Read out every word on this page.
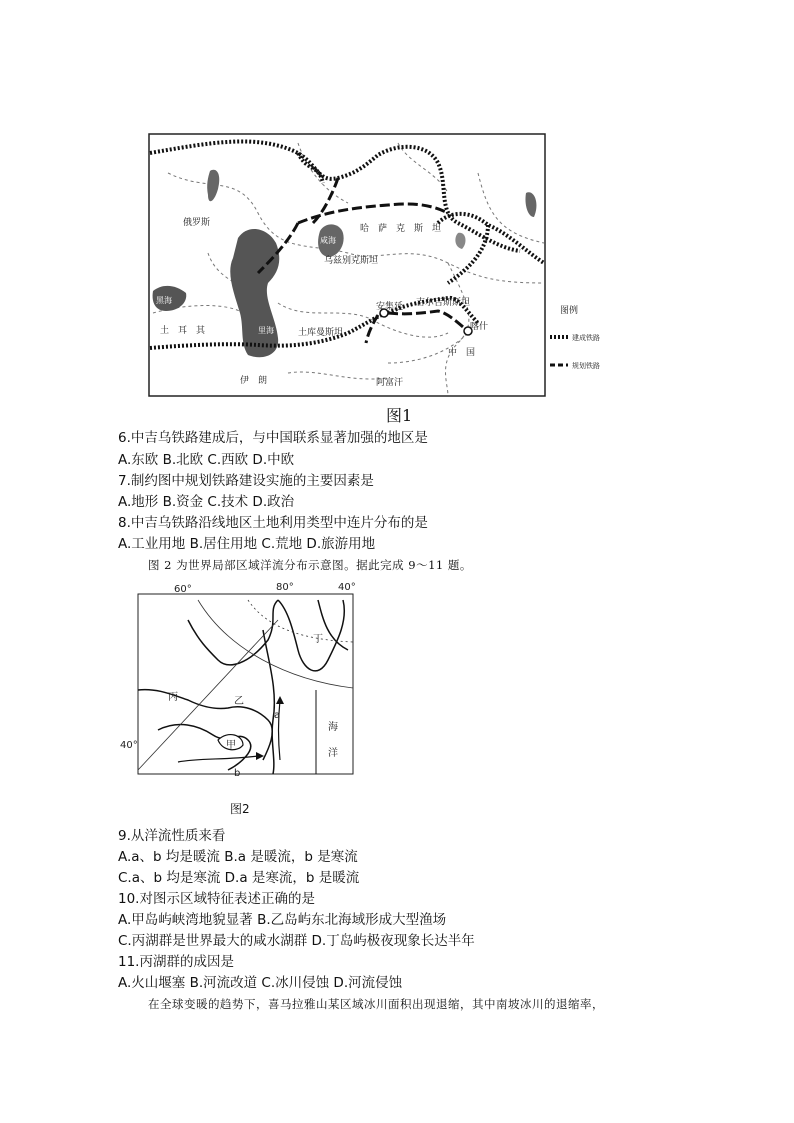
俄罗斯
哈　萨　克　斯　坦
乌兹别克斯坦
吉尔吉斯斯坦
中　国
土库曼斯坦
土　耳　其
伊　朗	阿富汗
安集延
喀什
黑海
咸海
里海
图例
建成铁路
规划铁路
图1
6.中吉乌铁路建成后，与中国联系显著加强的地区是
A.东欧 B.北欧 C.西欧 D.中欧
7.制约图中规划铁路建设实施的主要因素是
A.地形 B.资金 C.技术 D.政治
8.中吉乌铁路沿线地区土地利用类型中连片分布的是
A.工业用地 B.居住用地 C.荒地 D.旅游用地
图 2 为世界局部区域洋流分布示意图。据此完成 9～11 题。
60°	80°	40°
40°
丁
丙	乙
甲
a
b
海
洋
图2
9.从洋流性质来看
A.a、b 均是暖流 B.a 是暖流，b 是寒流
C.a、b 均是寒流 D.a 是寒流，b 是暖流
10.对图示区域特征表述正确的是
A.甲岛屿峡湾地貌显著 B.乙岛屿东北海域形成大型渔场
C.丙湖群是世界最大的咸水湖群 D.丁岛屿极夜现象长达半年
11.丙湖群的成因是
A.火山堰塞 B.河流改道 C.冰川侵蚀 D.河流侵蚀
在全球变暖的趋势下，喜马拉雅山某区域冰川面积出现退缩，其中南坡冰川的退缩率，
